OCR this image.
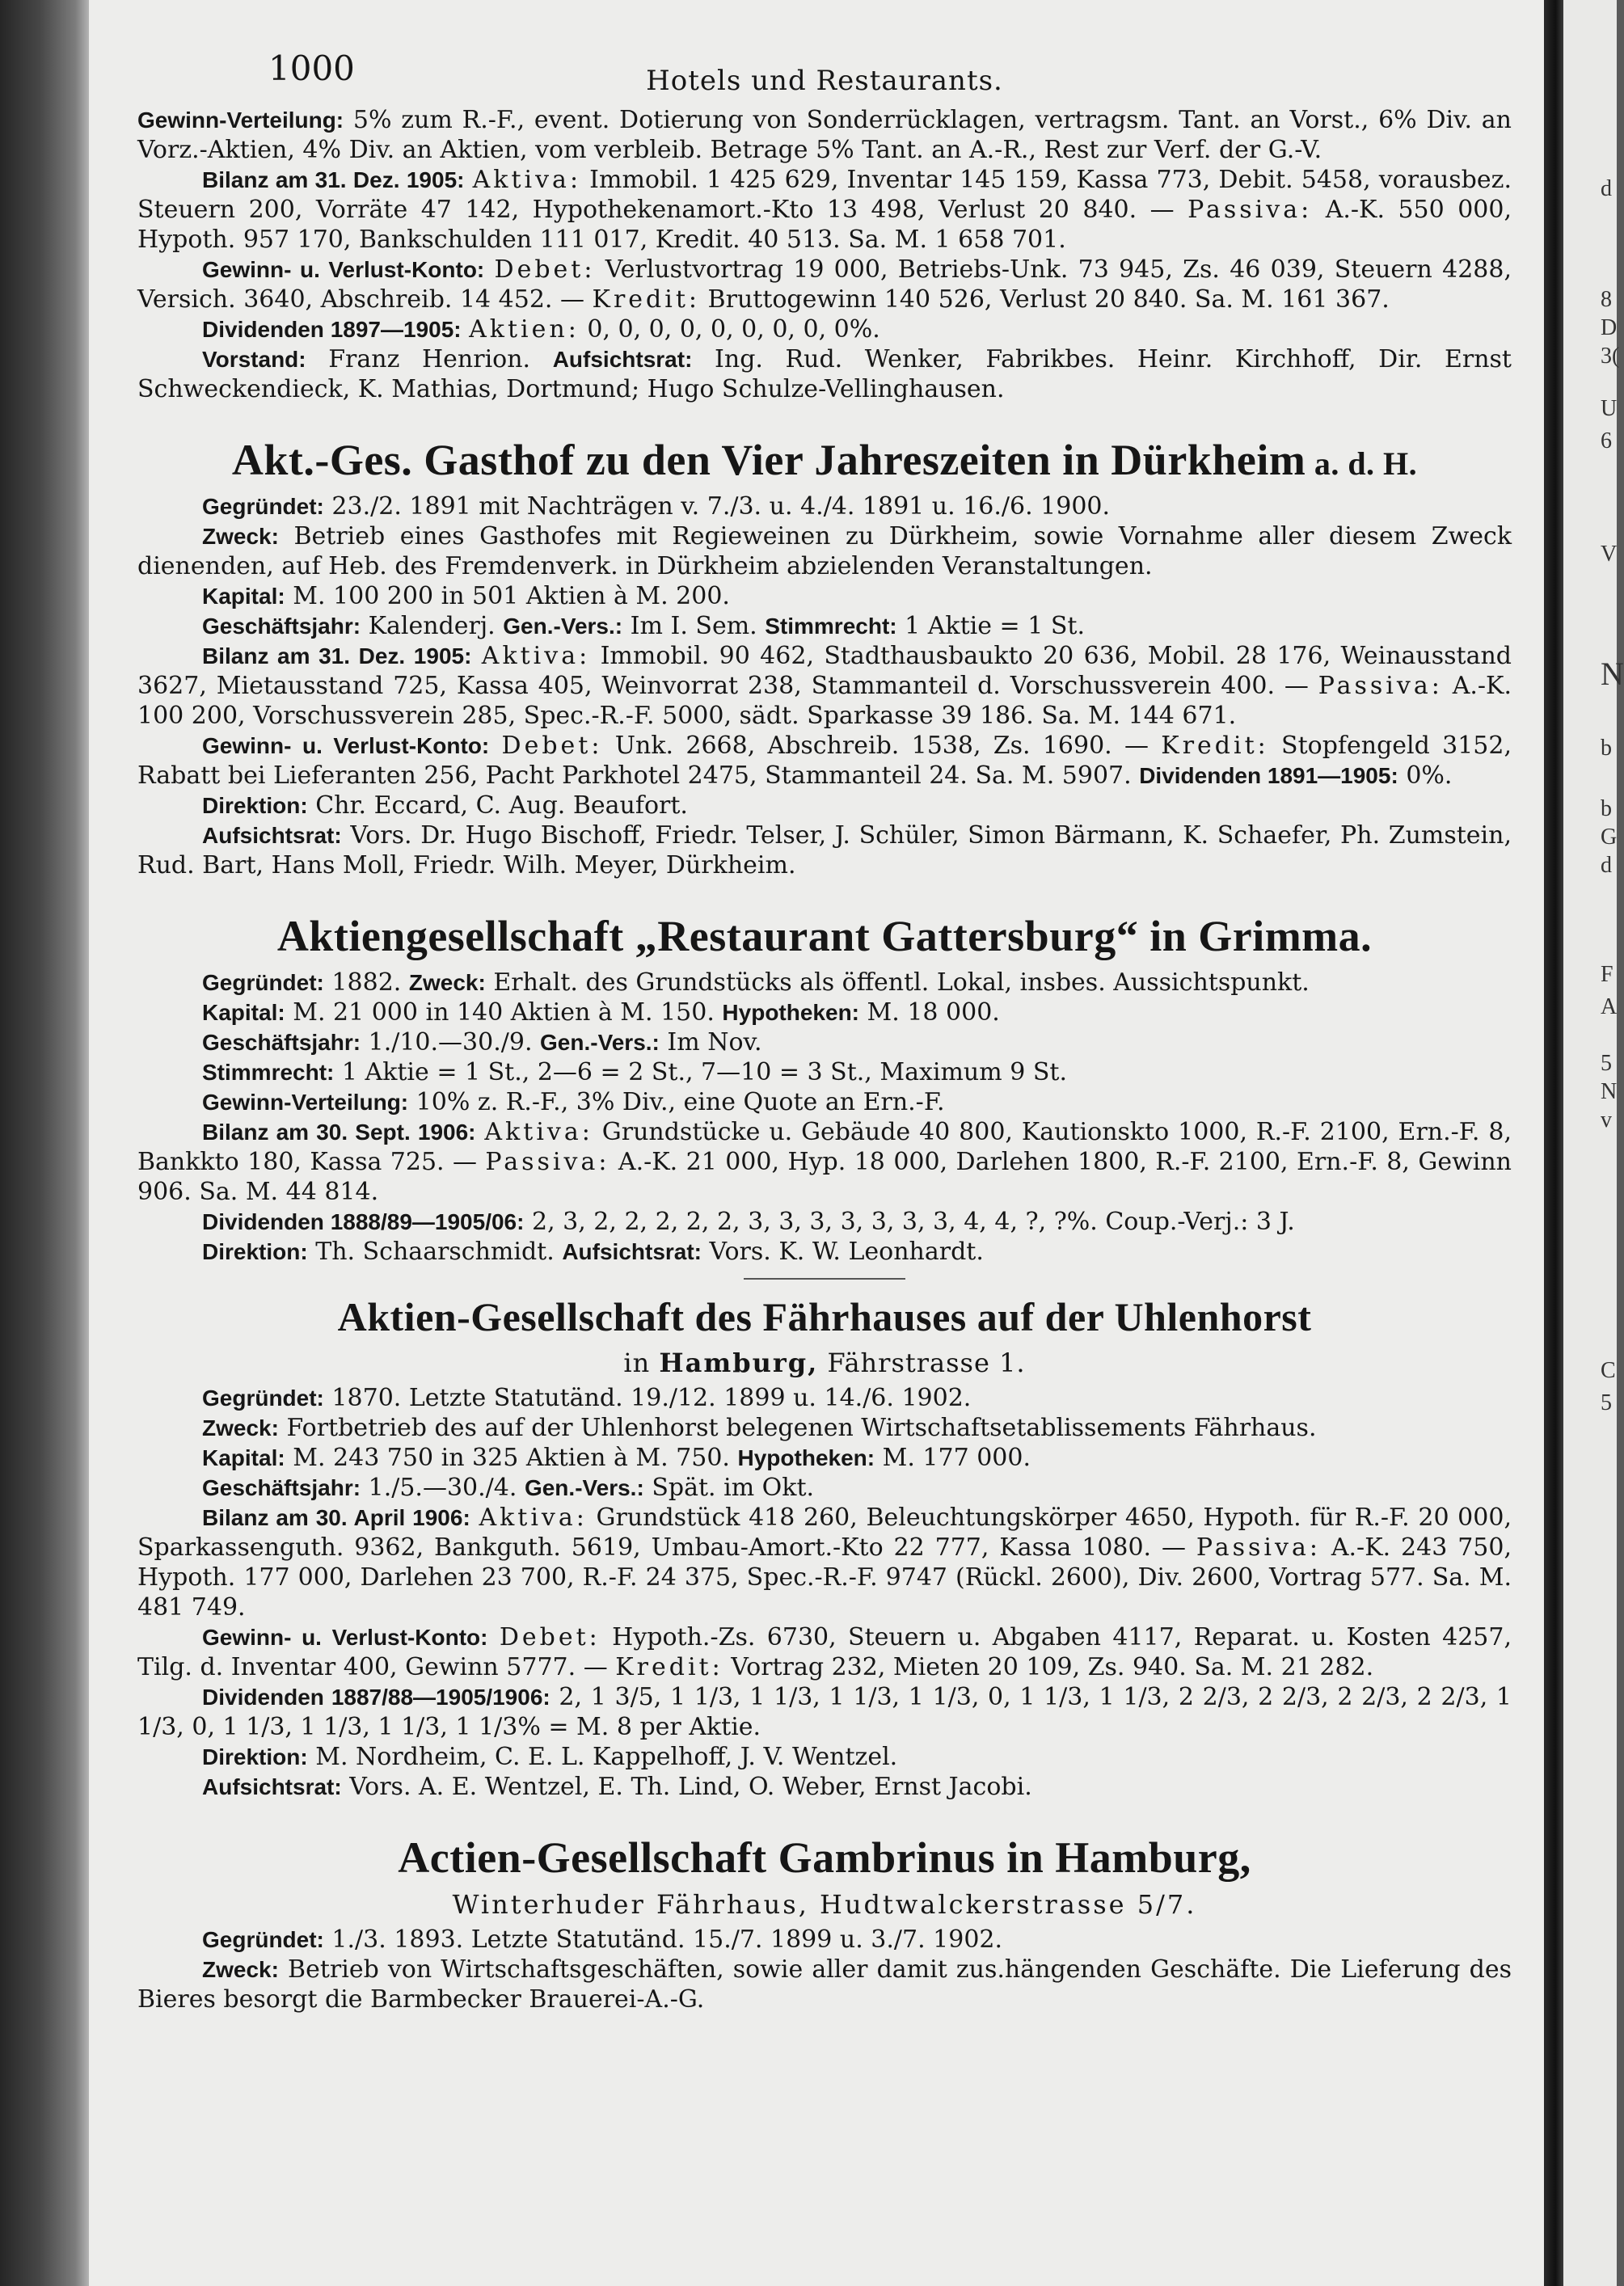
d
8
D
3(
U
6
V
N
b
b
G
d
F
A
5
N
v
C
5
1000	Hotels und Restaurants.

Gewinn-Verteilung: 5% zum R.-F., event. Dotierung von Sonderrücklagen, vertragsm. Tant. an Vorst., 6% Div. an Vorz.-Aktien, 4% Div. an Aktien, vom verbleib. Betrage 5% Tant. an A.-R., Rest zur Verf. der G.-V.

Bilanz am 31. Dez. 1905: Aktiva: Immobil. 1 425 629, Inventar 145 159, Kassa 773, Debit. 5458, vorausbez. Steuern 200, Vorräte 47 142, Hypothekenamort.-Kto 13 498, Verlust 20 840. — Passiva: A.-K. 550 000, Hypoth. 957 170, Bankschulden 111 017, Kredit. 40 513. Sa. M. 1 658 701.

Gewinn- u. Verlust-Konto: Debet: Verlustvortrag 19 000, Betriebs-Unk. 73 945, Zs. 46 039, Steuern 4288, Versich. 3640, Abschreib. 14 452. — Kredit: Bruttogewinn 140 526, Verlust 20 840. Sa. M. 161 367.

Dividenden 1897—1905: Aktien: 0, 0, 0, 0, 0, 0, 0, 0, 0%.

Vorstand: Franz Henrion. Aufsichtsrat: Ing. Rud. Wenker, Fabrikbes. Heinr. Kirchhoff, Dir. Ernst Schweckendieck, K. Mathias, Dortmund; Hugo Schulze-Vellinghausen.

Akt.-Ges. Gasthof zu den Vier Jahreszeiten in Dürkheim a. d. H.

Gegründet: 23./2. 1891 mit Nachträgen v. 7./3. u. 4./4. 1891 u. 16./6. 1900.

Zweck: Betrieb eines Gasthofes mit Regieweinen zu Dürkheim, sowie Vornahme aller diesem Zweck dienenden, auf Heb. des Fremdenverk. in Dürkheim abzielenden Veranstaltungen.

Kapital: M. 100 200 in 501 Aktien à M. 200.

Geschäftsjahr: Kalenderj. Gen.-Vers.: Im I. Sem. Stimmrecht: 1 Aktie = 1 St.

Bilanz am 31. Dez. 1905: Aktiva: Immobil. 90 462, Stadthausbaukto 20 636, Mobil. 28 176, Weinausstand 3627, Mietausstand 725, Kassa 405, Weinvorrat 238, Stammanteil d. Vorschussverein 400. — Passiva: A.-K. 100 200, Vorschussverein 285, Spec.-R.-F. 5000, sädt. Sparkasse 39 186. Sa. M. 144 671.

Gewinn- u. Verlust-Konto: Debet: Unk. 2668, Abschreib. 1538, Zs. 1690. — Kredit: Stopfengeld 3152, Rabatt bei Lieferanten 256, Pacht Parkhotel 2475, Stammanteil 24. Sa. M. 5907. Dividenden 1891—1905: 0%.

Direktion: Chr. Eccard, C. Aug. Beaufort.

Aufsichtsrat: Vors. Dr. Hugo Bischoff, Friedr. Telser, J. Schüler, Simon Bärmann, K. Schaefer, Ph. Zumstein, Rud. Bart, Hans Moll, Friedr. Wilh. Meyer, Dürkheim.

Aktiengesellschaft „Restaurant Gattersburg“ in Grimma.

Gegründet: 1882. Zweck: Erhalt. des Grundstücks als öffentl. Lokal, insbes. Aussichtspunkt.

Kapital: M. 21 000 in 140 Aktien à M. 150. Hypotheken: M. 18 000.

Geschäftsjahr: 1./10.—30./9. Gen.-Vers.: Im Nov.

Stimmrecht: 1 Aktie = 1 St., 2—6 = 2 St., 7—10 = 3 St., Maximum 9 St.

Gewinn-Verteilung: 10% z. R.-F., 3% Div., eine Quote an Ern.-F.

Bilanz am 30. Sept. 1906: Aktiva: Grundstücke u. Gebäude 40 800, Kautionskto 1000, R.-F. 2100, Ern.-F. 8, Bankkto 180, Kassa 725. — Passiva: A.-K. 21 000, Hyp. 18 000, Darlehen 1800, R.-F. 2100, Ern.-F. 8, Gewinn 906. Sa. M. 44 814.

Dividenden 1888/89—1905/06: 2, 3, 2, 2, 2, 2, 2, 3, 3, 3, 3, 3, 3, 3, 4, 4, ?, ?%. Coup.-Verj.: 3 J.

Direktion: Th. Schaarschmidt. Aufsichtsrat: Vors. K. W. Leonhardt.

Aktien-Gesellschaft des Fährhauses auf der Uhlenhorst
in Hamburg, Fährstrasse 1.

Gegründet: 1870. Letzte Statutänd. 19./12. 1899 u. 14./6. 1902.

Zweck: Fortbetrieb des auf der Uhlenhorst belegenen Wirtschaftsetablissements Fährhaus.

Kapital: M. 243 750 in 325 Aktien à M. 750. Hypotheken: M. 177 000.

Geschäftsjahr: 1./5.—30./4. Gen.-Vers.: Spät. im Okt.

Bilanz am 30. April 1906: Aktiva: Grundstück 418 260, Beleuchtungskörper 4650, Hypoth. für R.-F. 20 000, Sparkassenguth. 9362, Bankguth. 5619, Umbau-Amort.-Kto 22 777, Kassa 1080. — Passiva: A.-K. 243 750, Hypoth. 177 000, Darlehen 23 700, R.-F. 24 375, Spec.-R.-F. 9747 (Rückl. 2600), Div. 2600, Vortrag 577. Sa. M. 481 749.

Gewinn- u. Verlust-Konto: Debet: Hypoth.-Zs. 6730, Steuern u. Abgaben 4117, Reparat. u. Kosten 4257, Tilg. d. Inventar 400, Gewinn 5777. — Kredit: Vortrag 232, Mieten 20 109, Zs. 940. Sa. M. 21 282.

Dividenden 1887/88—1905/1906: 2, 1 3/5, 1 1/3, 1 1/3, 1 1/3, 1 1/3, 0, 1 1/3, 1 1/3, 2 2/3, 2 2/3, 2 2/3, 2 2/3, 1 1/3, 0, 1 1/3, 1 1/3, 1 1/3, 1 1/3% = M. 8 per Aktie.

Direktion: M. Nordheim, C. E. L. Kappelhoff, J. V. Wentzel.

Aufsichtsrat: Vors. A. E. Wentzel, E. Th. Lind, O. Weber, Ernst Jacobi.

Actien-Gesellschaft Gambrinus in Hamburg,
Winterhuder Fährhaus, Hudtwalckerstrasse 5/7.

Gegründet: 1./3. 1893. Letzte Statutänd. 15./7. 1899 u. 3./7. 1902.

Zweck: Betrieb von Wirtschaftsgeschäften, sowie aller damit zus.hängenden Geschäfte. Die Lieferung des Bieres besorgt die Barmbecker Brauerei-A.-G.
